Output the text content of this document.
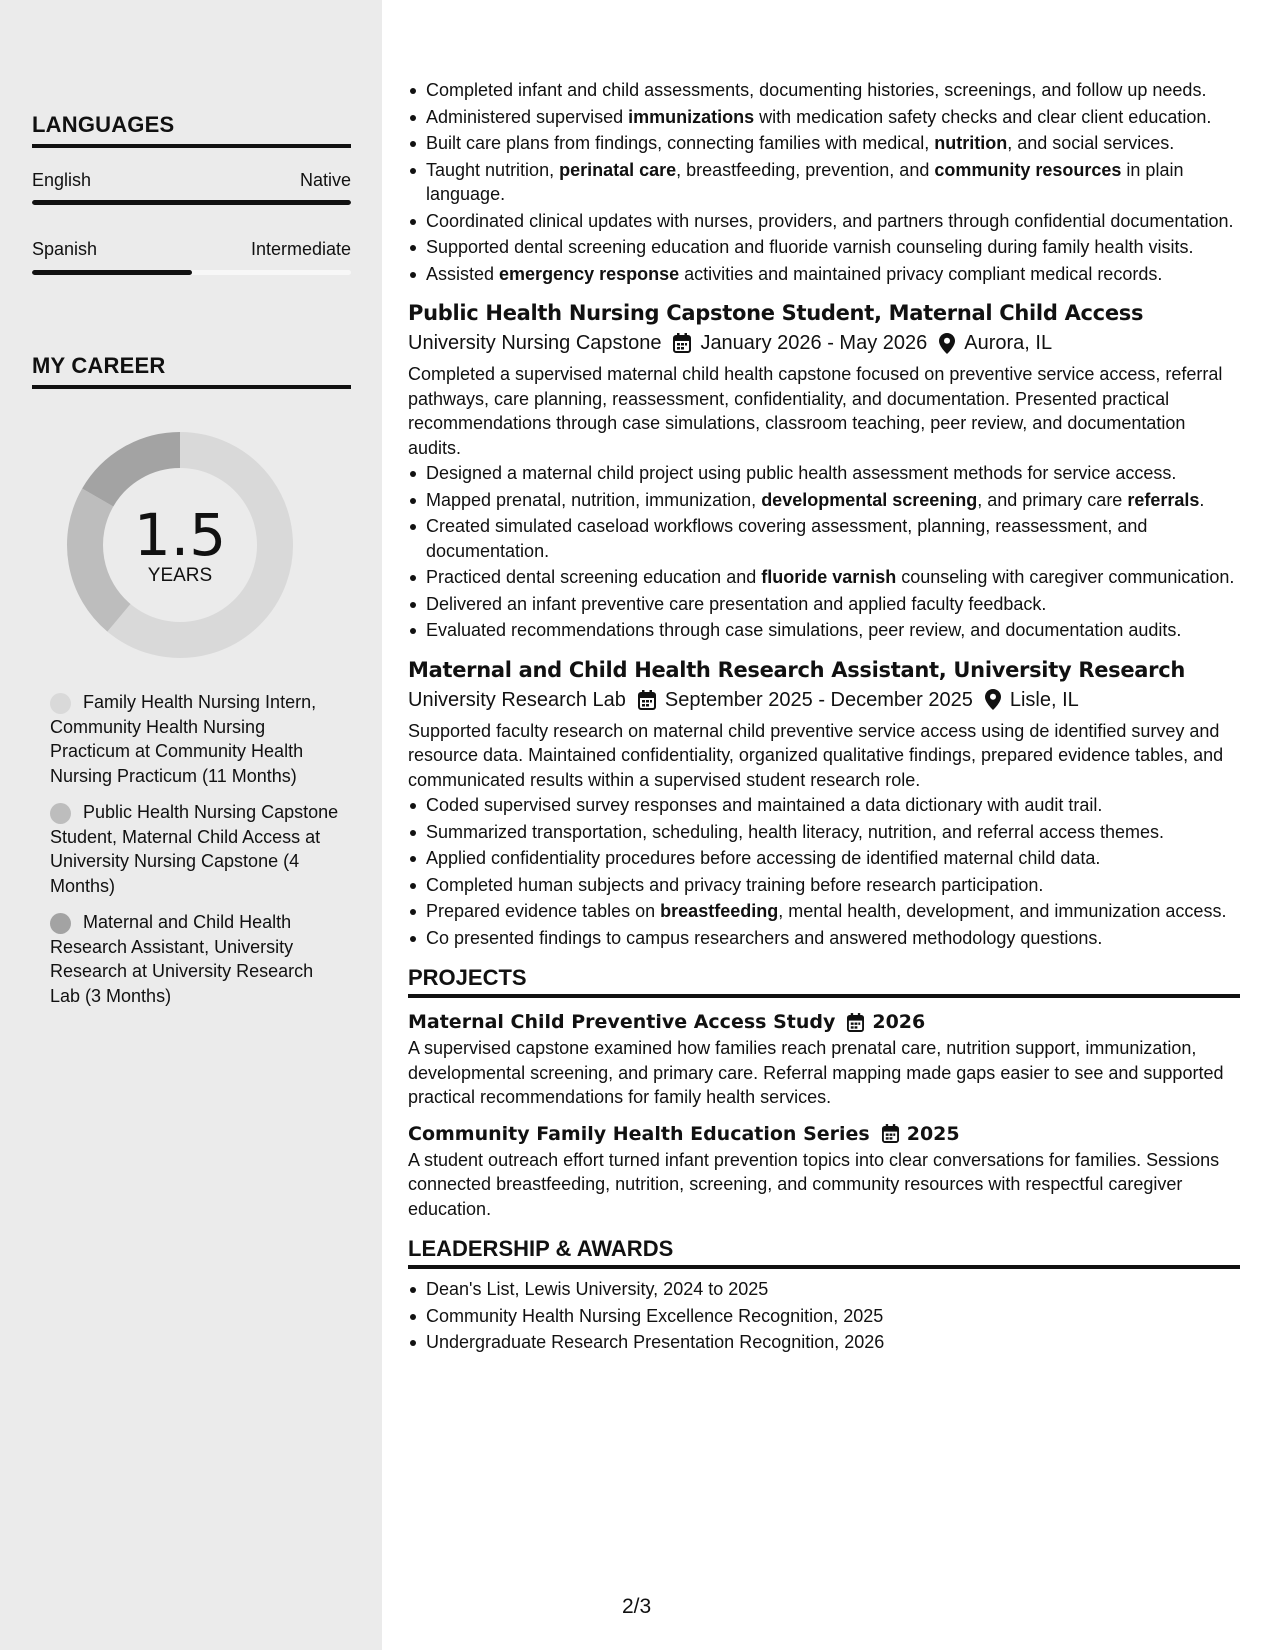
LANGUAGES
English	Native
Spanish	Intermediate
MY CAREER
1.5
YEARS
Family Health Nursing Intern, Community Health Nursing Practicum at Community Health Nursing Practicum (11 Months)
Public Health Nursing Capstone Student, Maternal Child Access at University Nursing Capstone (4 Months)
Maternal and Child Health Research Assistant, University Research at University Research Lab (3 Months)
Completed infant and child assessments, documenting histories, screenings, and follow up needs.
Administered supervised immunizations with medication safety checks and clear client education.
Built care plans from findings, connecting families with medical, nutrition, and social services.
Taught nutrition, perinatal care, breastfeeding, prevention, and community resources in plain language.
Coordinated clinical updates with nurses, providers, and partners through confidential documentation.
Supported dental screening education and fluoride varnish counseling during family health visits.
Assisted emergency response activities and maintained privacy compliant medical records.
Public Health Nursing Capstone Student, Maternal Child Access
University Nursing Capstone January 2026 - May 2026 Aurora, IL

Completed a supervised maternal child health capstone focused on preventive service access, referral pathways, care planning, reassessment, confidentiality, and documentation. Presented practical recommendations through case simulations, classroom teaching, peer review, and documentation audits.

Designed a maternal child project using public health assessment methods for service access.
Mapped prenatal, nutrition, immunization, developmental screening, and primary care referrals.
Created simulated caseload workflows covering assessment, planning, reassessment, and documentation.
Practiced dental screening education and fluoride varnish counseling with caregiver communication.
Delivered an infant preventive care presentation and applied faculty feedback.
Evaluated recommendations through case simulations, peer review, and documentation audits.
Maternal and Child Health Research Assistant, University Research
University Research Lab September 2025 - December 2025 Lisle, IL

Supported faculty research on maternal child preventive service access using de identified survey and resource data. Maintained confidentiality, organized qualitative findings, prepared evidence tables, and communicated results within a supervised student research role.

Coded supervised survey responses and maintained a data dictionary with audit trail.
Summarized transportation, scheduling, health literacy, nutrition, and referral access themes.
Applied confidentiality procedures before accessing de identified maternal child data.
Completed human subjects and privacy training before research participation.
Prepared evidence tables on breastfeeding, mental health, development, and immunization access.
Co presented findings to campus researchers and answered methodology questions.
PROJECTS
Maternal Child Preventive Access Study 2026

A supervised capstone examined how families reach prenatal care, nutrition support, immunization, developmental screening, and primary care. Referral mapping made gaps easier to see and supported practical recommendations for family health services.

Community Family Health Education Series 2025

A student outreach effort turned infant prevention topics into clear conversations for families. Sessions connected breastfeeding, nutrition, screening, and community resources with respectful caregiver education.

LEADERSHIP & AWARDS
Dean's List, Lewis University, 2024 to 2025
Community Health Nursing Excellence Recognition, 2025
Undergraduate Research Presentation Recognition, 2026
2/3
